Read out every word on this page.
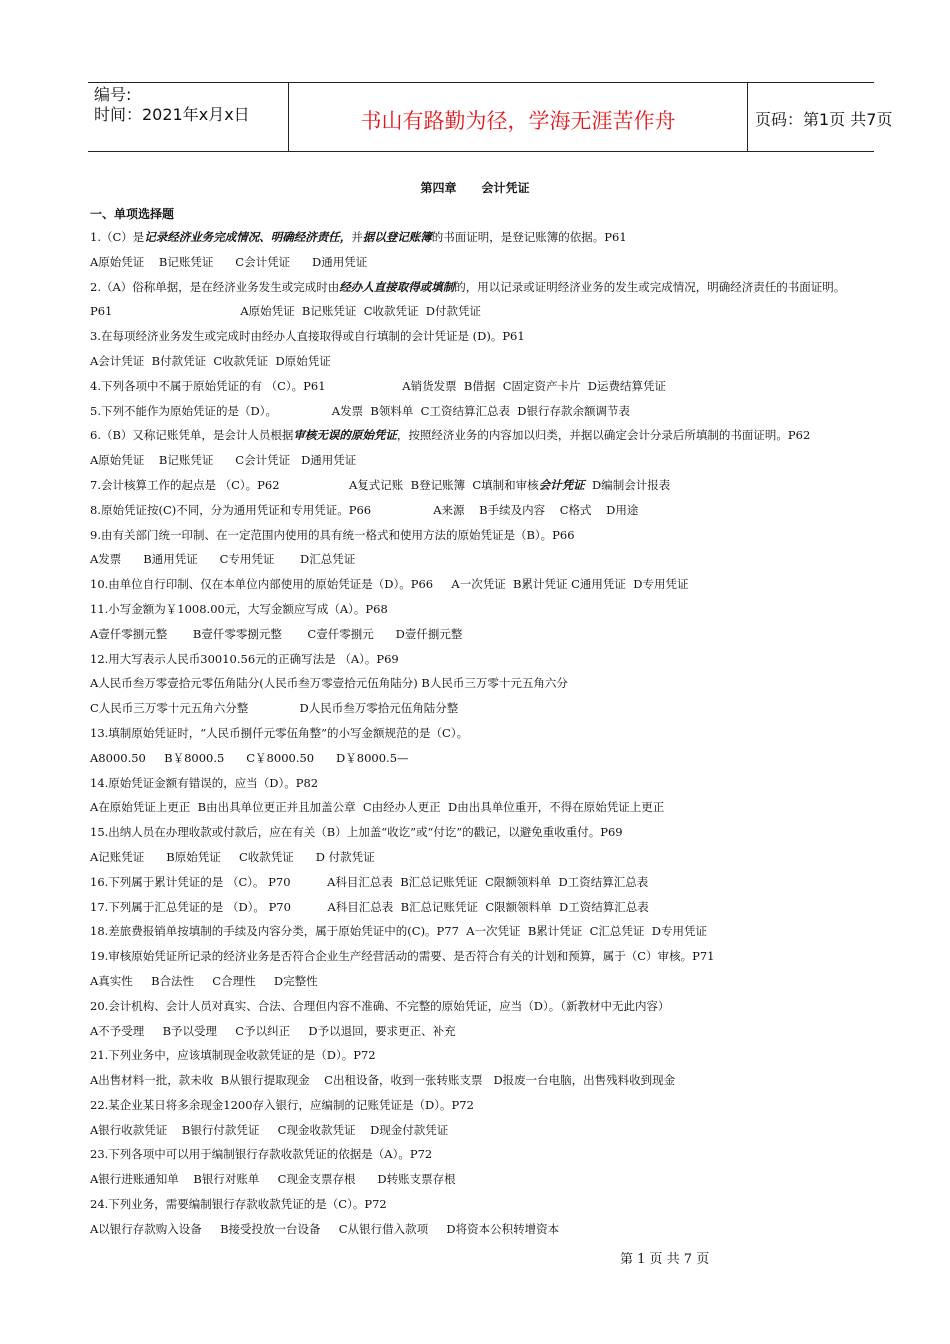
编号:
时间：2021年x月x日	书山有路勤为径，学海无涯苦作舟	页码：第1页 共7页
第四章      会计凭证
一、单项选择题
1.（C）是记录经济业务完成情况、明确经济责任，并据以登记账簿的书面证明，是登记账簿的依据。P61
A原始凭证    B记账凭证      C会计凭证      D通用凭证
2.（A）俗称单据，是在经济业务发生或完成时由经办人直接取得或填制的，用以记录或证明经济业务的发生或完成情况，明确经济责任的书面证明。
P61                                   A原始凭证  B记账凭证  C收款凭证  D付款凭证
3.在每项经济业务发生或完成时由经办人直接取得或自行填制的会计凭证是 (D)。P61
A会计凭证  B付款凭证  C收款凭证  D原始凭证
4.下列各项中不属于原始凭证的有 （C）。P61                     A销货发票  B借据  C固定资产卡片  D运费结算凭证
5.下列不能作为原始凭证的是（D）。               A发票  B领料单  C工资结算汇总表  D银行存款余额调节表
6.（B）又称记账凭单，是会计人员根据审核无误的原始凭证，按照经济业务的内容加以归类，并据以确定会计分录后所填制的书面证明。P62
A原始凭证    B记账凭证      C会计凭证   D通用凭证
7.会计核算工作的起点是 （C）。P62                   A复式记账  B登记账簿  C填制和审核会计凭证  D编制会计报表
8.原始凭证按(C)不同，分为通用凭证和专用凭证。P66                 A来源    B手续及内容    C格式    D用途
9.由有关部门统一印制、在一定范围内使用的具有统一格式和使用方法的原始凭证是（B）。P66
A发票      B通用凭证      C专用凭证       D汇总凭证
10.由单位自行印制、仅在本单位内部使用的原始凭证是（D）。P66     A一次凭证  B累计凭证 C通用凭证  D专用凭证
11.小写金额为￥1008.00元，大写金额应写成（A）。P68
A壹仟零捌元整       B壹仟零零捌元整       C壹仟零捌元      D壹仟捌元整
12.用大写表示人民币30010.56元的正确写法是 （A）。P69
A人民币叁万零壹拾元零伍角陆分(人民币叁万零壹拾元伍角陆分) B人民币三万零十元五角六分
C人民币三万零十元五角六分整              D人民币叁万零拾元伍角陆分整
13.填制原始凭证时，“人民币捌仟元零伍角整”的小写金额规范的是（C）。
A8000.50     B￥8000.5      C￥8000.50      D￥8000.5—
14.原始凭证金额有错误的，应当（D）。P82
A在原始凭证上更正  B由出具单位更正并且加盖公章  C由经办人更正  D由出具单位重开，不得在原始凭证上更正
15.出纳人员在办理收款或付款后，应在有关（B）上加盖“收讫”或“付讫”的戳记，以避免重收重付。P69
A记账凭证      B原始凭证     C收款凭证      D 付款凭证
16.下列属于累计凭证的是 （C）。 P70          A科目汇总表  B汇总记账凭证  C限额领料单  D工资结算汇总表
17.下列属于汇总凭证的是 （D）。 P70          A科目汇总表  B汇总记账凭证  C限额领料单  D工资结算汇总表
18.差旅费报销单按填制的手续及内容分类，属于原始凭证中的(C)。P77  A一次凭证  B累计凭证  C汇总凭证  D专用凭证
19.审核原始凭证所记录的经济业务是否符合企业生产经营活动的需要、是否符合有关的计划和预算，属于（C）审核。P71
A真实性     B合法性     C合理性     D完整性
20.会计机构、会计人员对真实、合法、合理但内容不准确、不完整的原始凭证，应当（D）。（新教材中无此内容）
A不予受理     B予以受理     C予以纠正     D予以退回，要求更正、补充
21.下列业务中，应该填制现金收款凭证的是（D）。P72
A出售材料一批，款未收  B从银行提取现金    C出租设备，收到一张转账支票   D报废一台电脑，出售残料收到现金
22.某企业某日将多余现金1200存入银行，应编制的记账凭证是（D）。P72
A银行收款凭证    B银行付款凭证     C现金收款凭证    D现金付款凭证
23.下列各项中可以用于编制银行存款收款凭证的依据是（A）。P72
A银行进账通知单    B银行对账单     C现金支票存根      D转账支票存根
24.下列业务，需要编制银行存款收款凭证的是（C）。P72
A以银行存款购入设备     B接受投放一台设备     C从银行借入款项     D将资本公积转增资本
第 1 页 共 7 页
